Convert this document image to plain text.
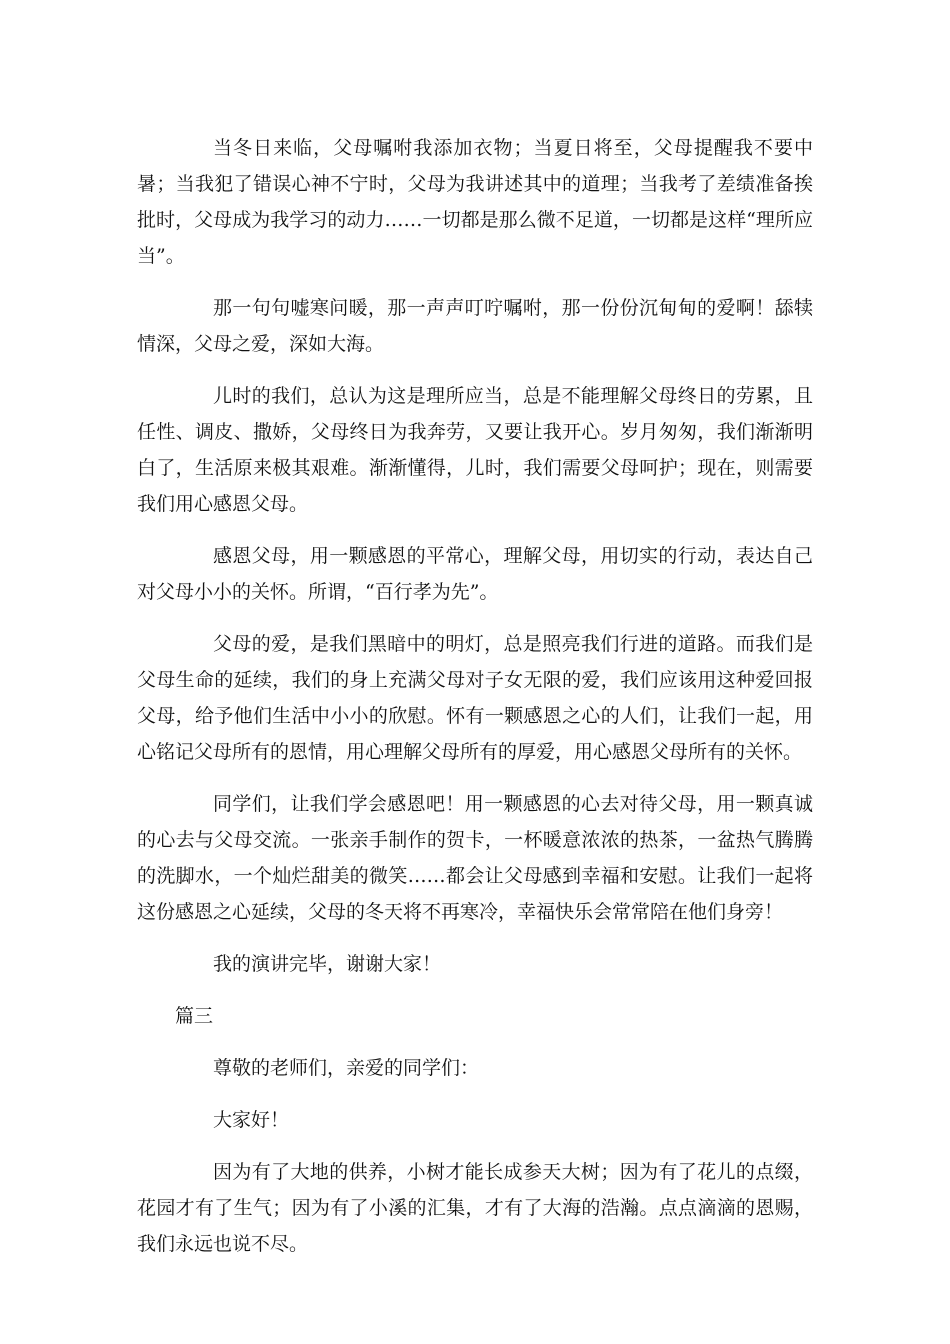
当冬日来临，父母嘱咐我添加衣物；当夏日将至，父母提醒我不要中暑；当我犯了错误心神不宁时，父母为我讲述其中的道理；当我考了差绩准备挨批时，父母成为我学习的动力……一切都是那么微不足道，一切都是这样“理所应当”。

那一句句嘘寒问暖，那一声声叮咛嘱咐，那一份份沉甸甸的爱啊！舔犊情深，父母之爱，深如大海。

儿时的我们，总认为这是理所应当，总是不能理解父母终日的劳累，且任性、调皮、撒娇，父母终日为我奔劳，又要让我开心。岁月匆匆，我们渐渐明白了，生活原来极其艰难。渐渐懂得，儿时，我们需要父母呵护；现在，则需要我们用心感恩父母。

感恩父母，用一颗感恩的平常心，理解父母，用切实的行动，表达自己对父母小小的关怀。所谓，“百行孝为先”。

父母的爱，是我们黑暗中的明灯，总是照亮我们行进的道路。而我们是父母生命的延续，我们的身上充满父母对子女无限的爱，我们应该用这种爱回报父母，给予他们生活中小小的欣慰。怀有一颗感恩之心的人们，让我们一起，用心铭记父母所有的恩情，用心理解父母所有的厚爱，用心感恩父母所有的关怀。

同学们，让我们学会感恩吧！用一颗感恩的心去对待父母，用一颗真诚的心去与父母交流。一张亲手制作的贺卡，一杯暖意浓浓的热茶，一盆热气腾腾的洗脚水，一个灿烂甜美的微笑……都会让父母感到幸福和安慰。让我们一起将这份感恩之心延续，父母的冬天将不再寒冷，幸福快乐会常常陪在他们身旁！

我的演讲完毕，谢谢大家！

篇三

尊敬的老师们，亲爱的同学们：

大家好！

因为有了大地的供养，小树才能长成参天大树；因为有了花儿的点缀，花园才有了生气；因为有了小溪的汇集，才有了大海的浩瀚。点点滴滴的恩赐，我们永远也说不尽。
